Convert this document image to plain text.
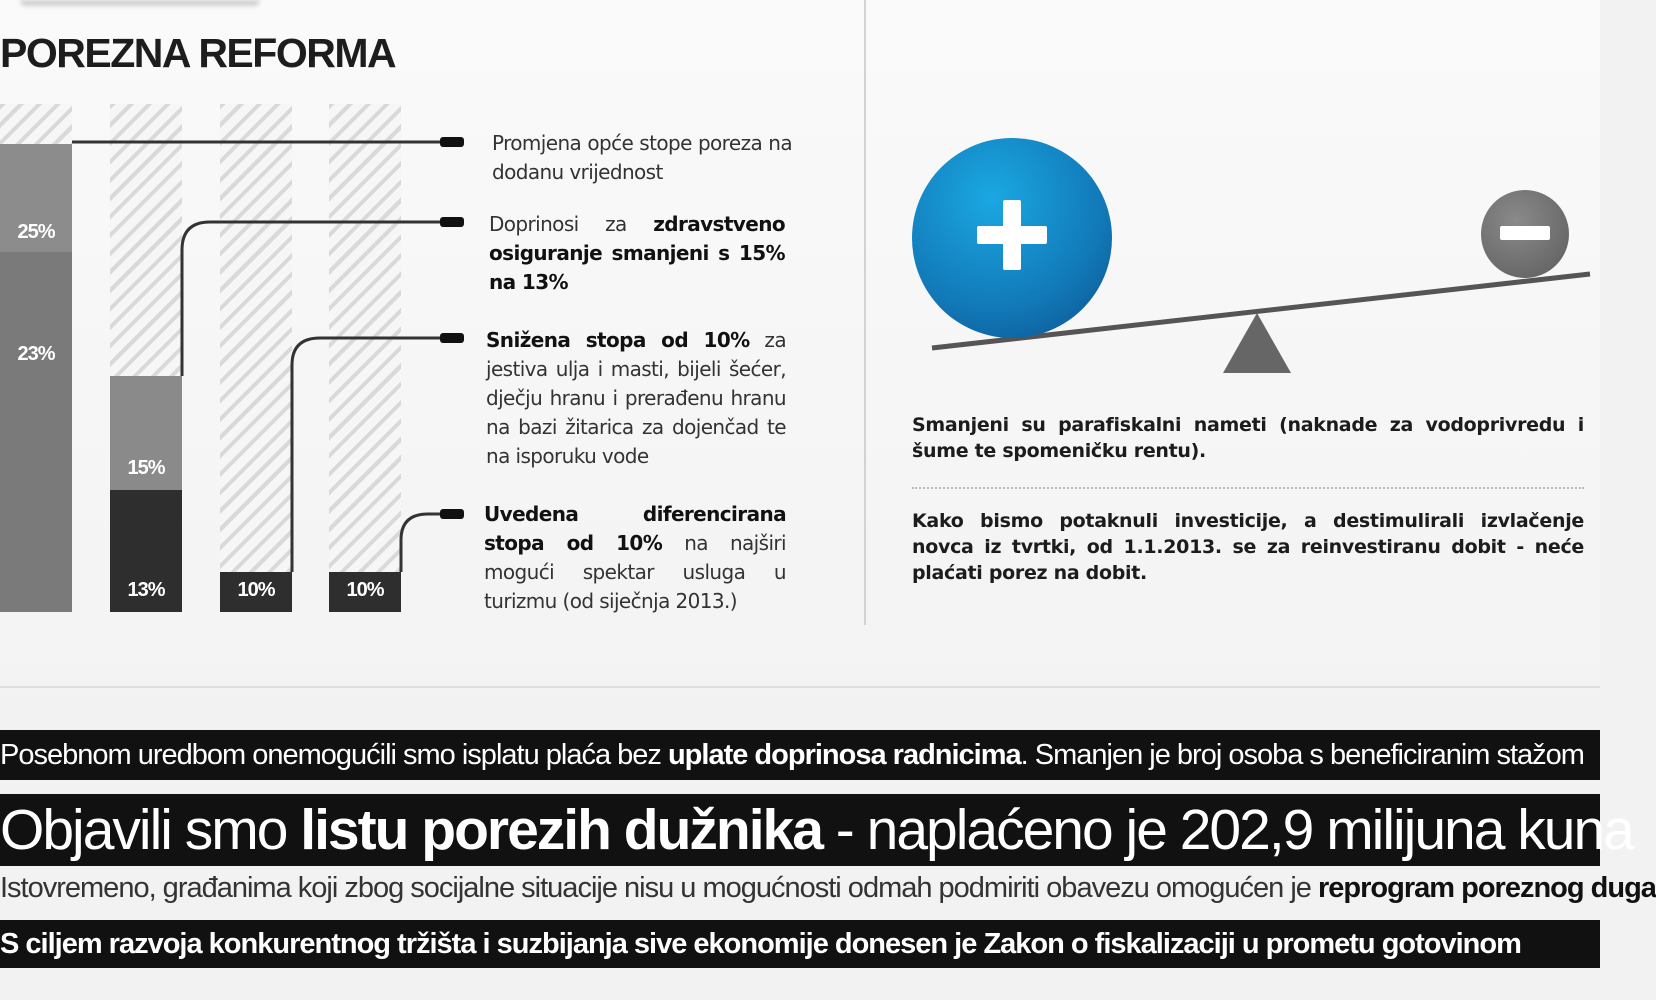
POREZNA REFORMA
25%
23%
15%
13%	10%	10%
Promjena opće stope poreza na dodanu vrijednost
Doprinosi za zdravstveno osiguranje smanjeni s 15% na 13%
Snižena stopa od 10% za jestiva ulja i masti, bijeli šećer, dječju hranu i prerađenu hranu na bazi žitarica za dojenčad te na isporuku vode
Uvedena diferencirana stopa od 10% na najširi mogući spektar usluga u turizmu (od siječnja 2013.)
Smanjeni su parafiskalni nameti (naknade za vodoprivredu i šume te spomeničku rentu).
Kako bismo potaknuli investicije, a destimulirali izvlačenje novca iz tvrtki, od 1.1.2013. se za reinvestiranu dobit - neće plaćati porez na dobit.
Posebnom uredbom onemogućili smo isplatu plaća bez uplate doprinosa radnicima. Smanjen je broj osoba s beneficiranim stažom
Objavili smo listu porezih dužnika - naplaćeno je 202,9 milijuna kuna
Istovremeno, građanima koji zbog socijalne situacije nisu u mogućnosti odmah podmiriti obavezu omogućen je reprogram poreznog duga
S ciljem razvoja konkurentnog tržišta i suzbijanja sive ekonomije donesen je Zakon o fiskalizaciji u prometu gotovinom
